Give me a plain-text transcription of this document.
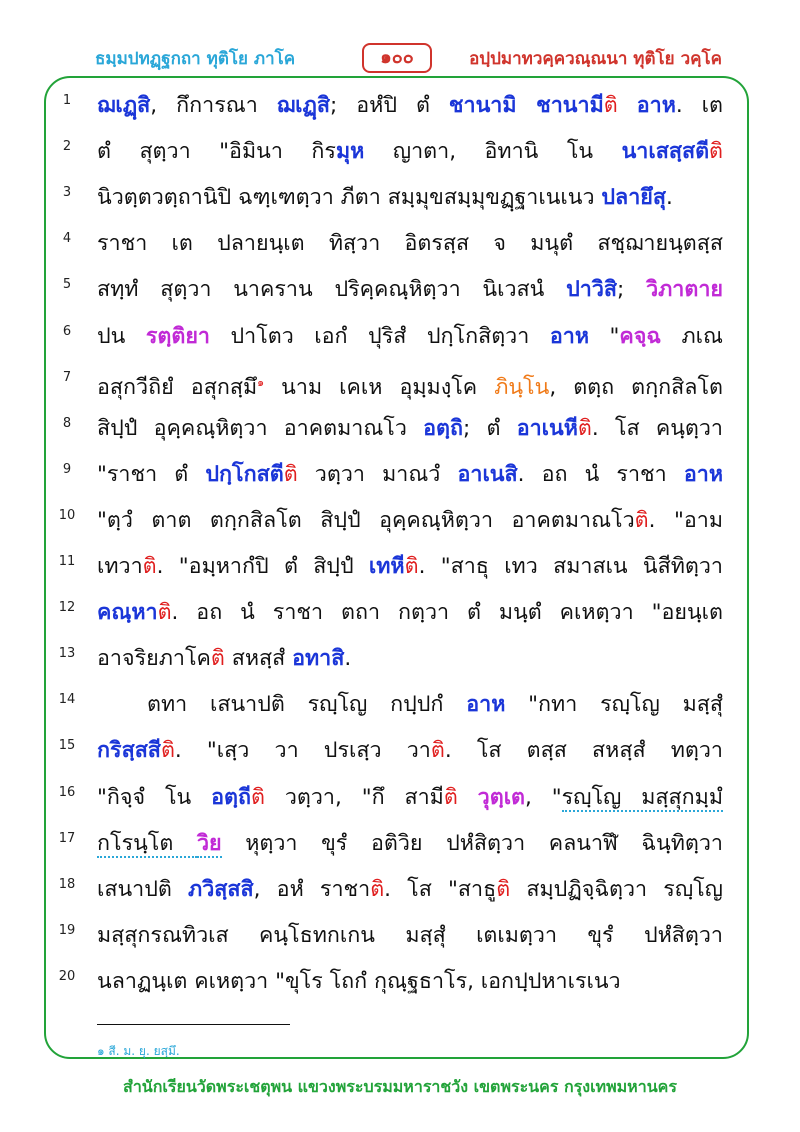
ธมฺมปทฏฺฐกถา ทุติโย ภาโค	๑๐๐	อปฺปมาทวคฺควณฺณนา ทุติโย วคฺโค
1	ฌเฏฺสิ, กึการณา ฌเฏฺสิ; อหํปิ ตํ ชานามิ ชานามีติ อาห. เต
2	ตํ สุตฺวา "อิมินา กิรมุห ญาตา, อิทานิ โน นาเสสฺสตีติ
3	นิวตฺตวตฺถานิปิ ฉฑฺเฑตฺวา ภีตา สมฺมุขสมฺมุขฏฺฐาเนเนว ปลายึสุ.
4	ราชา เต ปลายนฺเต ทิสฺวา อิตรสฺส จ มนุตํ สชฺฌายนฺตสฺส
5	สทฺทํ สุตฺวา นาคราน ปริคฺคณฺหิตฺวา นิเวสนํ ปาวิสิ; วิภาตาย
6	ปน รตฺติยา ปาโตว เอกํ ปุริสํ ปกฺโกสิตฺวา อาห "คจฺฉ ภเณ
7	อสุกวีถิยํ อสุกสฺมึ$^๑$ นาม เคเห อุมฺมงฺโค ภินฺโน, ตตฺถ ตกฺกสิลโต
8	สิปฺปํ อุคฺคณฺหิตฺวา อาคตมาณโว อตฺถิ; ตํ อาเนหีติ. โส คนฺตฺวา
9	"ราชา ตํ ปกฺโกสตีติ วตฺวา มาณวํ อาเนสิ. อถ นํ ราชา อาห
10	"ตฺวํ ตาต ตกฺกสิลโต สิปฺปํ อุคฺคณฺหิตฺวา อาคตมาณโวติ. "อาม
11	เทวาติ. "อมฺหากํปิ ตํ สิปฺปํ เทหีติ. "สาธุ เทว สมาสเน นิสีทิตฺวา
12	คณฺหาติ. อถ นํ ราชา ตถา กตฺวา ตํ มนฺตํ คเหตฺวา "อยนฺเต
13	อาจริยภาโคติ สหสฺสํ อทาสิ.
14	ตทา เสนาปติ รญฺโญ กปฺปกํ อาห "กทา รญฺโญ มสฺสุํ
15	กริสฺสสีติ. "เสฺว วา ปรเสฺว วาติ. โส ตสฺส สหสฺสํ ทตฺวา
16	"กิจฺจํ โน อตฺถีติ วตฺวา, "กึ สามีติ วุตฺเต, "รญฺโญ มสฺสุกมฺมํ
17	กโรนฺโต วิย หุตฺวา ขุรํ อติวิย ปหํสิตฺวา คลนาฬึ ฉินฺทิตฺวา
18	เสนาปติ ภวิสฺสสิ, อหํ ราชาติ. โส "สาธูติ สมฺปฏิจฺฉิตฺวา รญฺโญ
19	มสฺสุกรณทิวเส คนฺโธทกเกน มสฺสุํ เตเมตฺวา ขุรํ ปหํสิตฺวา
20	นลาฏนฺเต คเหตฺวา "ขุโร โถกํ กุณฺฐธาโร, เอกปฺปหาเรเนว
๑ สี. ม. ยุ. ยสฺมึ.
สำนักเรียนวัดพระเชตุพน แขวงพระบรมมหาราชวัง เขตพระนคร กรุงเทพมหานคร
